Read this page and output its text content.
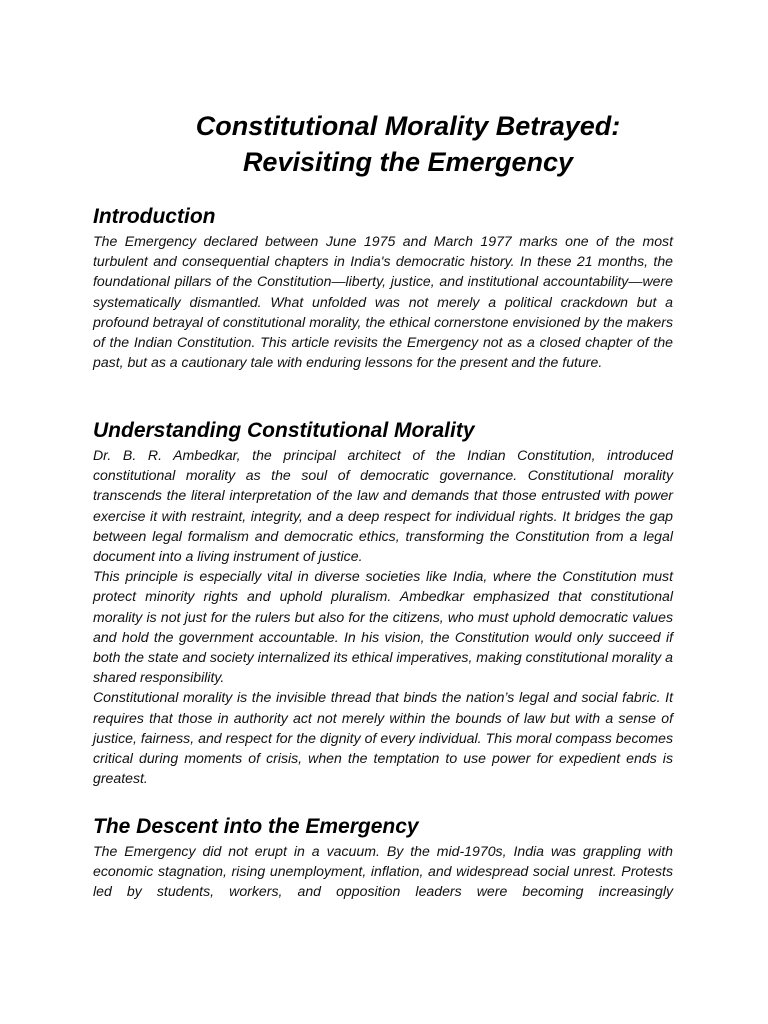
Constitutional Morality Betrayed:
Revisiting the Emergency
Introduction

The Emergency declared between June 1975 and March 1977 marks one of the most turbulent and consequential chapters in India's democratic history. In these 21 months, the foundational pillars of the Constitution—liberty, justice, and institutional accountability—were systematically dismantled. What unfolded was not merely a political crackdown but a profound betrayal of constitutional morality, the ethical cornerstone envisioned by the makers of the Indian Constitution. This article revisits the Emergency not as a closed chapter of the past, but as a cautionary tale with enduring lessons for the present and the future.

Understanding Constitutional Morality

Dr. B. R. Ambedkar, the principal architect of the Indian Constitution, introduced constitutional morality as the soul of democratic governance. Constitutional morality transcends the literal interpretation of the law and demands that those entrusted with power exercise it with restraint, integrity, and a deep respect for individual rights. It bridges the gap between legal formalism and democratic ethics, transforming the Constitution from a legal document into a living instrument of justice.

This principle is especially vital in diverse societies like India, where the Constitution must protect minority rights and uphold pluralism. Ambedkar emphasized that constitutional morality is not just for the rulers but also for the citizens, who must uphold democratic values and hold the government accountable. In his vision, the Constitution would only succeed if both the state and society internalized its ethical imperatives, making constitutional morality a shared responsibility.

Constitutional morality is the invisible thread that binds the nation’s legal and social fabric. It requires that those in authority act not merely within the bounds of law but with a sense of justice, fairness, and respect for the dignity of every individual. This moral compass becomes critical during moments of crisis, when the temptation to use power for expedient ends is greatest.

The Descent into the Emergency

The Emergency did not erupt in a vacuum. By the mid-1970s, India was grappling with economic stagnation, rising unemployment, inflation, and widespread social unrest. Protests led by students, workers, and opposition leaders were becoming increasingly
